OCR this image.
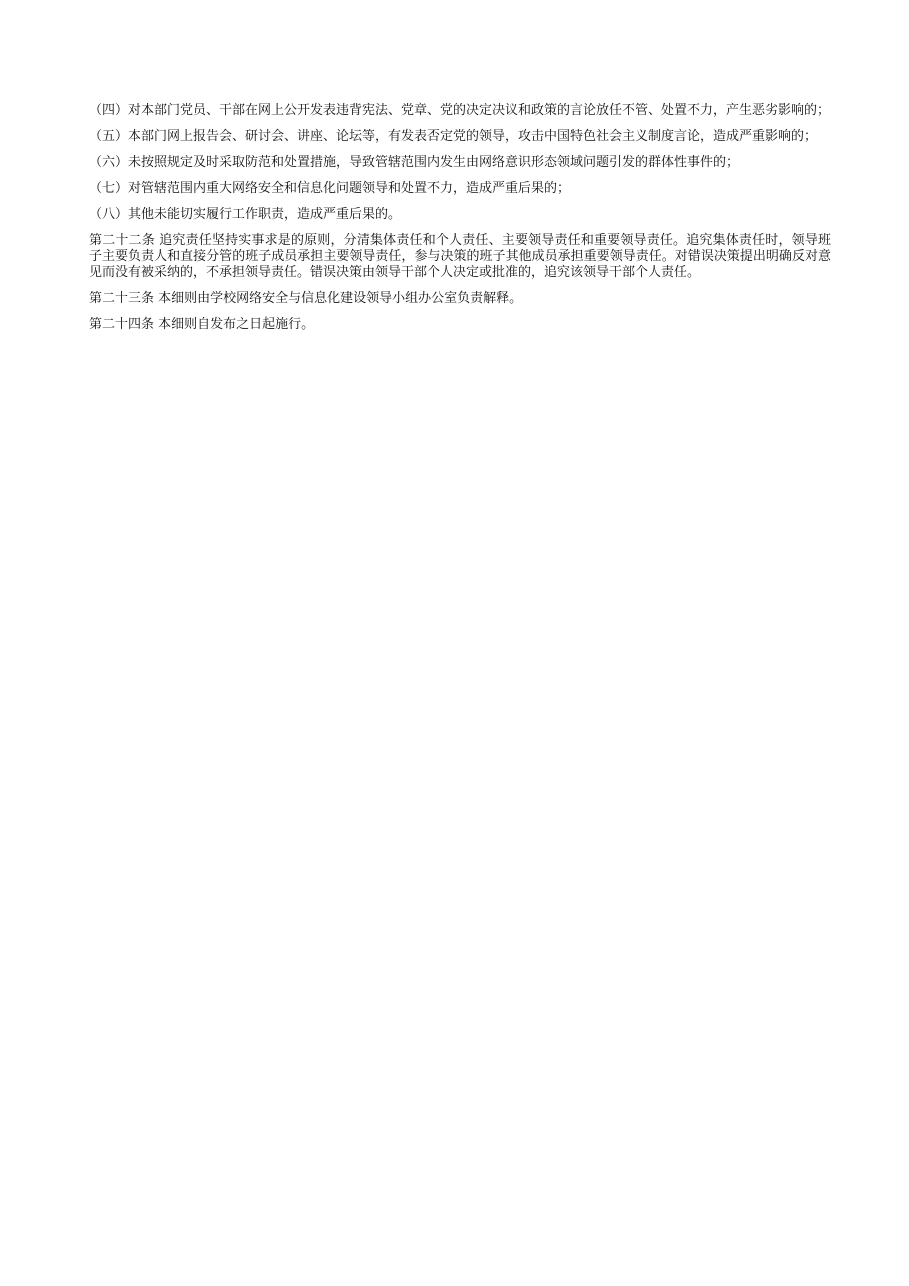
（四）对本部门党员、干部在网上公开发表违背宪法、党章、党的决定决议和政策的言论放任不管、处置不力，产生恶劣影响的；

（五）本部门网上报告会、研讨会、讲座、论坛等，有发表否定党的领导，攻击中国特色社会主义制度言论，造成严重影响的；

（六）未按照规定及时采取防范和处置措施，导致管辖范围内发生由网络意识形态领域问题引发的群体性事件的；

（七）对管辖范围内重大网络安全和信息化问题领导和处置不力，造成严重后果的；

（八）其他未能切实履行工作职责，造成严重后果的。

第二十二条 追究责任坚持实事求是的原则，分清集体责任和个人责任、主要领导责任和重要领导责任。追究集体责任时，领导班子主要负责人和直接分管的班子成员承担主要领导责任，参与决策的班子其他成员承担重要领导责任。对错误决策提出明确反对意见而没有被采纳的，不承担领导责任。错误决策由领导干部个人决定或批准的，追究该领导干部个人责任。

第二十三条 本细则由学校网络安全与信息化建设领导小组办公室负责解释。

第二十四条 本细则自发布之日起施行。
